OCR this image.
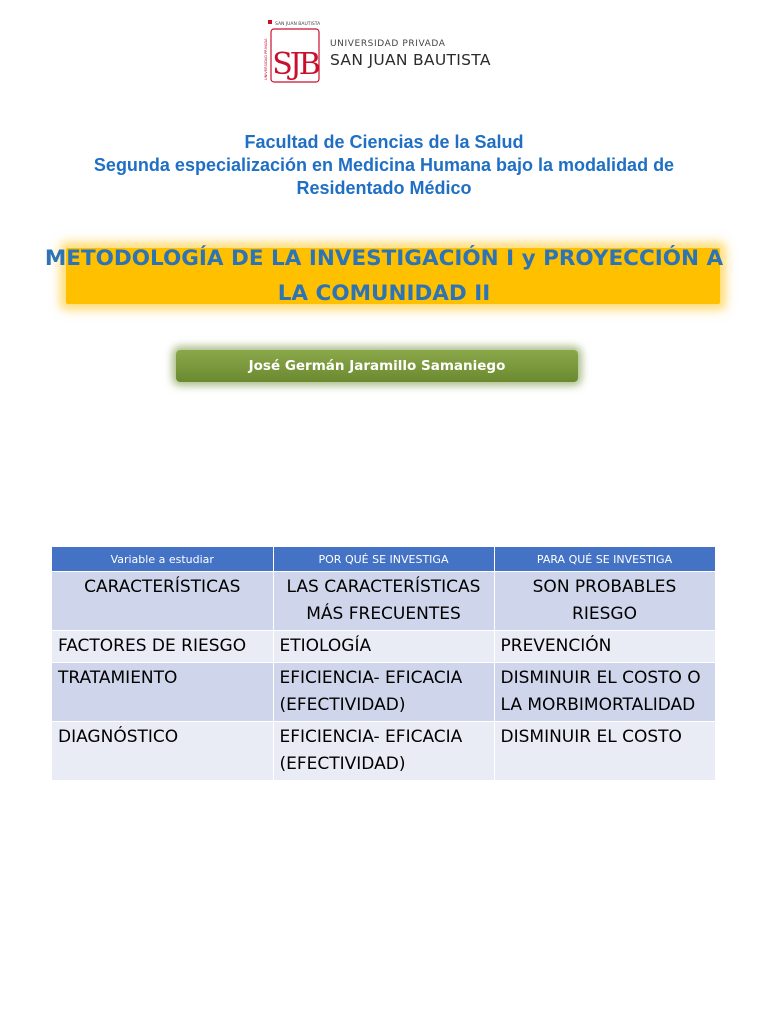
SAN JUAN BAUTISTA
UNIVERSIDAD PRIVADA SJB
UNIVERSIDAD PRIVADA
SAN JUAN BAUTISTA
Facultad de Ciencias de la Salud
Segunda especialización en Medicina Humana bajo la modalidad de
Residentado Médico
METODOLOGÍA DE LA INVESTIGACIÓN I y PROYECCIÓN A
LA COMUNIDAD II
José Germán Jaramillo Samaniego
Variable a estudiar	POR QUÉ SE INVESTIGA	PARA QUÉ SE INVESTIGA
CARACTERÍSTICAS	LAS CARACTERÍSTICAS MÁS FRECUENTES	SON PROBABLES RIESGO
FACTORES DE RIESGO	ETIOLOGÍA	PREVENCIÓN
TRATAMIENTO	EFICIENCIA- EFICACIA (EFECTIVIDAD)	DISMINUIR EL COSTO O LA MORBIMORTALIDAD
DIAGNÓSTICO	EFICIENCIA- EFICACIA (EFECTIVIDAD)	DISMINUIR EL COSTO
